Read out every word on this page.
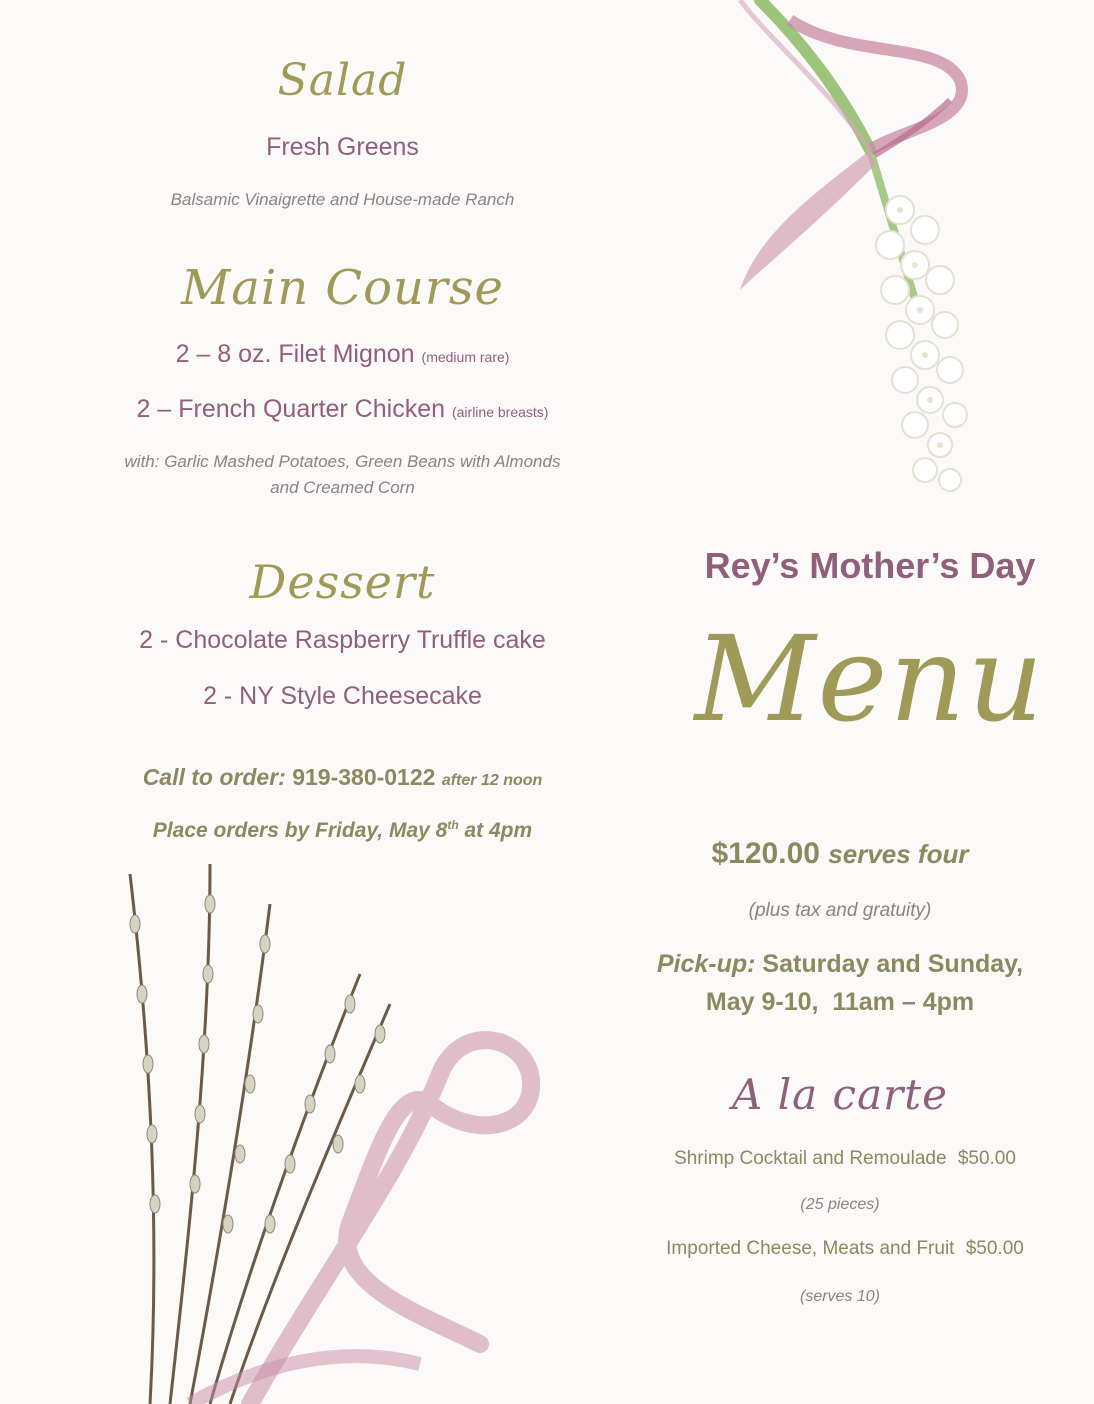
Salad
Fresh Greens
Balsamic Vinaigrette and House-made Ranch
Main Course
2 – 8 oz. Filet Mignon (medium rare)
2 – French Quarter Chicken (airline breasts)
with: Garlic Mashed Potatoes, Green Beans with Almonds
and Creamed Corn
Dessert
2 - Chocolate Raspberry Truffle cake
2 - NY Style Cheesecake
Call to order: 919-380-0122 after 12 noon
Place orders by Friday, May 8th at 4pm
Rey’s Mother’s Day
Menu
$120.00 serves four
(plus tax and gratuity)
Pick-up: Saturday and Sunday,
May 9-10,  11am – 4pm
A la carte
Shrimp Cocktail and Remoulade $50.00
(25 pieces)
Imported Cheese, Meats and Fruit $50.00
(serves 10)
